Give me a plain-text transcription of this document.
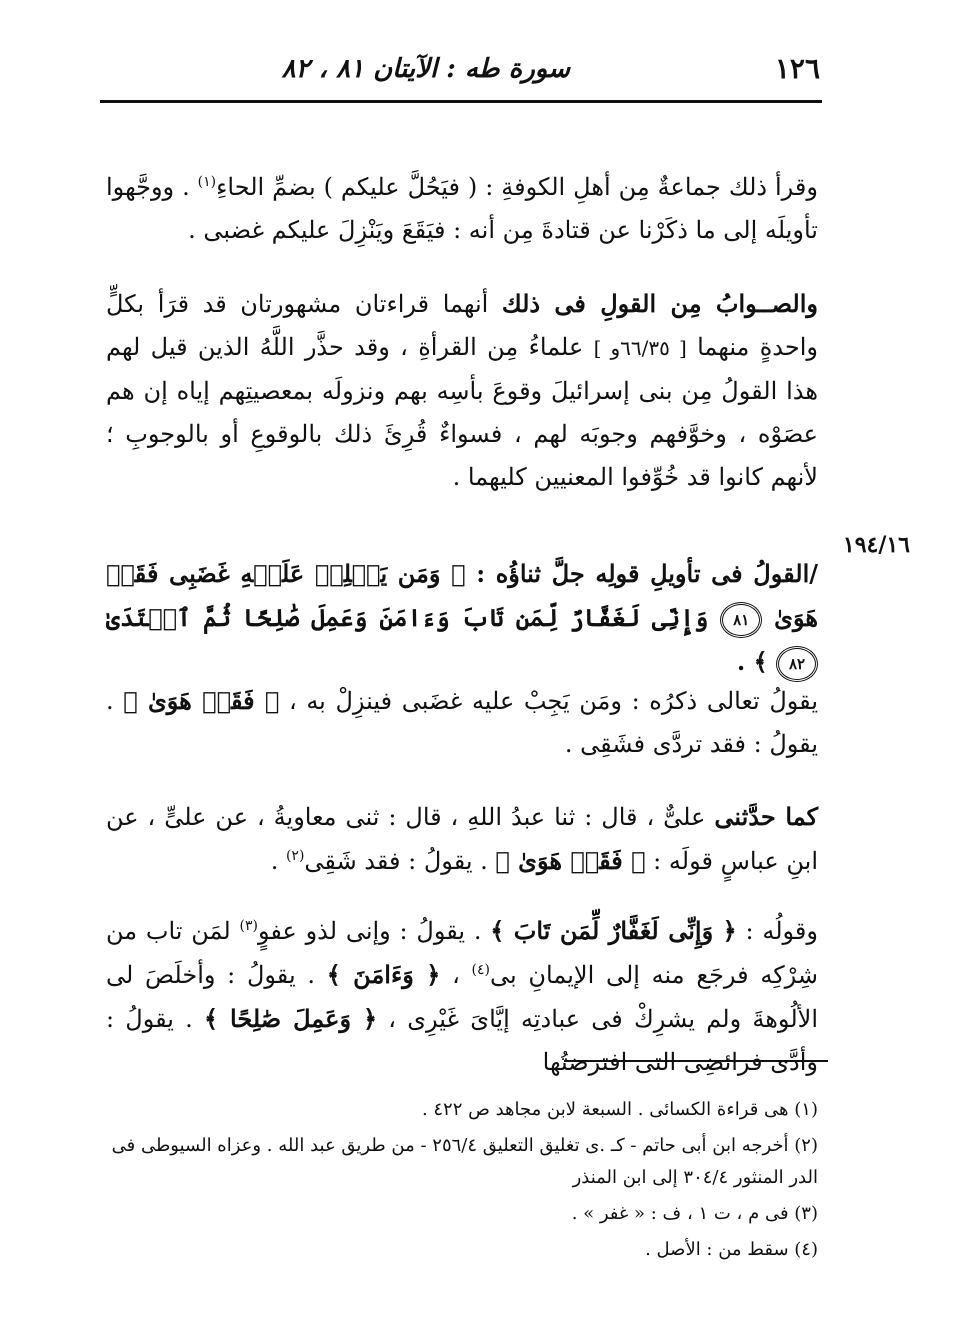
١٢٦
سورة طه : الآيتان ٨١ ، ٨٢
١٩٤/١٦

وقرأ ذلك جماعةٌ مِن أهلِ الكوفةِ : ( فيَحُلَّ عليكم ) بضمِّ الحاءِ$^{(١)}$ . ووجَّهوا تأويلَه إلى ما ذكَرْنا عن قتادةَ مِن أنه : فيَقَعَ ويَنْزِلَ عليكم غضبى .

والصــوابُ مِن القولِ فى ذلك أنهما قراءتان مشهورتان قد قرَأ بكلٍّ واحدةٍ منهما [ ٦٦/٣٥و ] علماءُ مِن القرأةِ ، وقد حذَّر اللَّهُ الذين قيل لهم هذا القولُ مِن بنى إسرائيلَ وقوعَ بأسِه بهم ونزولَه بمعصيتِهم إياه إن هم عصَوْه ، وخوَّفهم وجوبَه لهم ، فسواءٌ قُرِئَ ذلك بالوقوعِ أو بالوجوبِ ؛ لأنهم كانوا قد خُوِّفوا المعنيين كليهما .

/القولُ فى تأويلِ قولِه جلَّ ثناؤُه : ﴿ وَمَن يَحۡلِلۡ عَلَيۡهِ غَضَبِى فَقَدۡ هَوَىٰ ٨١ وَإِنِّى لَغَفَّارٌ لِّمَن تَابَ وَءَامَنَ وَعَمِلَ صَٰلِحًا ثُمَّ ٱهۡتَدَىٰ ٨٢ ﴾ .

يقولُ تعالى ذكرُه : ومَن يَجِبْ عليه غضَبى فينزِلْ به ، ﴿ فَقَدۡ هَوَىٰ ﴾ . يقولُ : فقد تردَّى فشَقِى .

كما حدَّثنى علىٌّ ، قال : ثنا عبدُ اللهِ ، قال : ثنى معاويةُ ، عن علىٍّ ، عن ابنِ عباسٍ قولَه : ﴿ فَقَدۡ هَوَىٰ ﴾ . يقولُ : فقد شَقِى$^{(٢)}$ .

وقولُه : ﴿ وَإِنِّى لَغَفَّارٌ لِّمَن تَابَ ﴾ . يقولُ : وإنى لذو عفوٍ$^{(٣)}$ لمَن تاب من شِرْكِه فرجَع منه إلى الإيمانِ بى$^{(٤)}$ ، ﴿ وَءَامَنَ ﴾ . يقولُ : وأخلَصَ لى الألُوهةَ ولم يشرِكْ فى عبادتِه إيَّاىَ غَيْرِى ، ﴿ وَعَمِلَ صَٰلِحًا ﴾ . يقولُ : وأدَّى فرائضِى التى افترضتُها

(١) هى قراءة الكسائى . السبعة لابن مجاهد ص ٤٢٢ .

(٢) أخرجه ابن أبى حاتم - كـ .ى تغليق التعليق ٢٥٦/٤ - من طريق عبد الله . وعزاه السيوطى فى الدر المنثور ٣٠٤/٤ إلى ابن المنذر

(٣) فى م ، ت ١ ، ف : « غفر » .

(٤) سقط من : الأصل .
